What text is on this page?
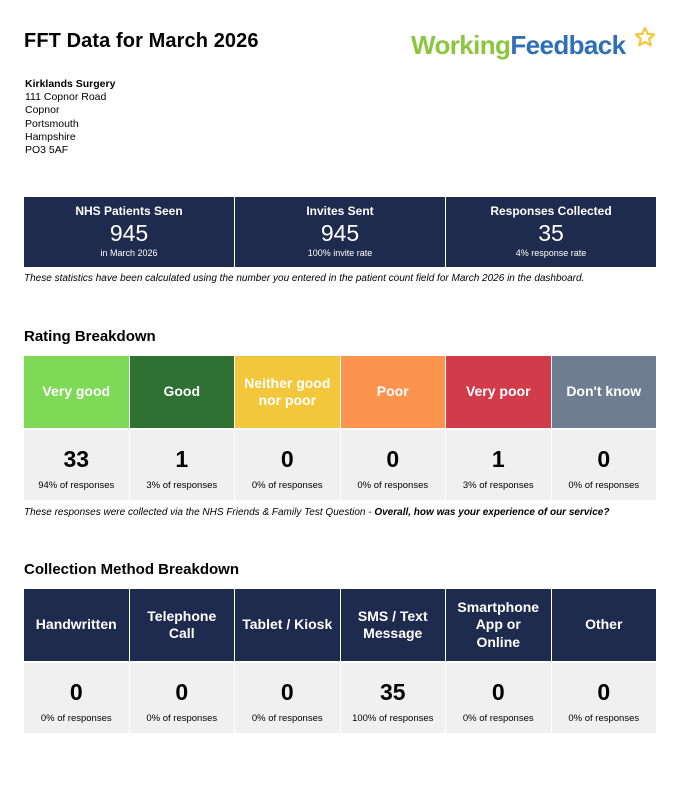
FFT Data for March 2026	WorkingFeedback
Kirklands Surgery
111 Copnor Road
Copnor
Portsmouth
Hampshire
PO3 5AF
NHS Patients Seen
945
in March 2026
Invites Sent
945
100% invite rate
Responses Collected
35
4% response rate
These statistics have been calculated using the number you entered in the patient count field for March 2026 in the dashboard.
Rating Breakdown
Very good
33
94% of responses
Good
1
3% of responses
Neither good nor poor
0
0% of responses
Poor
0
0% of responses
Very poor
1
3% of responses
Don't know
0
0% of responses
These responses were collected via the NHS Friends & Family Test Question - Overall, how was your experience of our service?
Collection Method Breakdown
Handwritten
0
0% of responses
Telephone Call
0
0% of responses
Tablet / Kiosk
0
0% of responses
SMS / Text Message
35
100% of responses
Smartphone App or Online
0
0% of responses
Other
0
0% of responses
